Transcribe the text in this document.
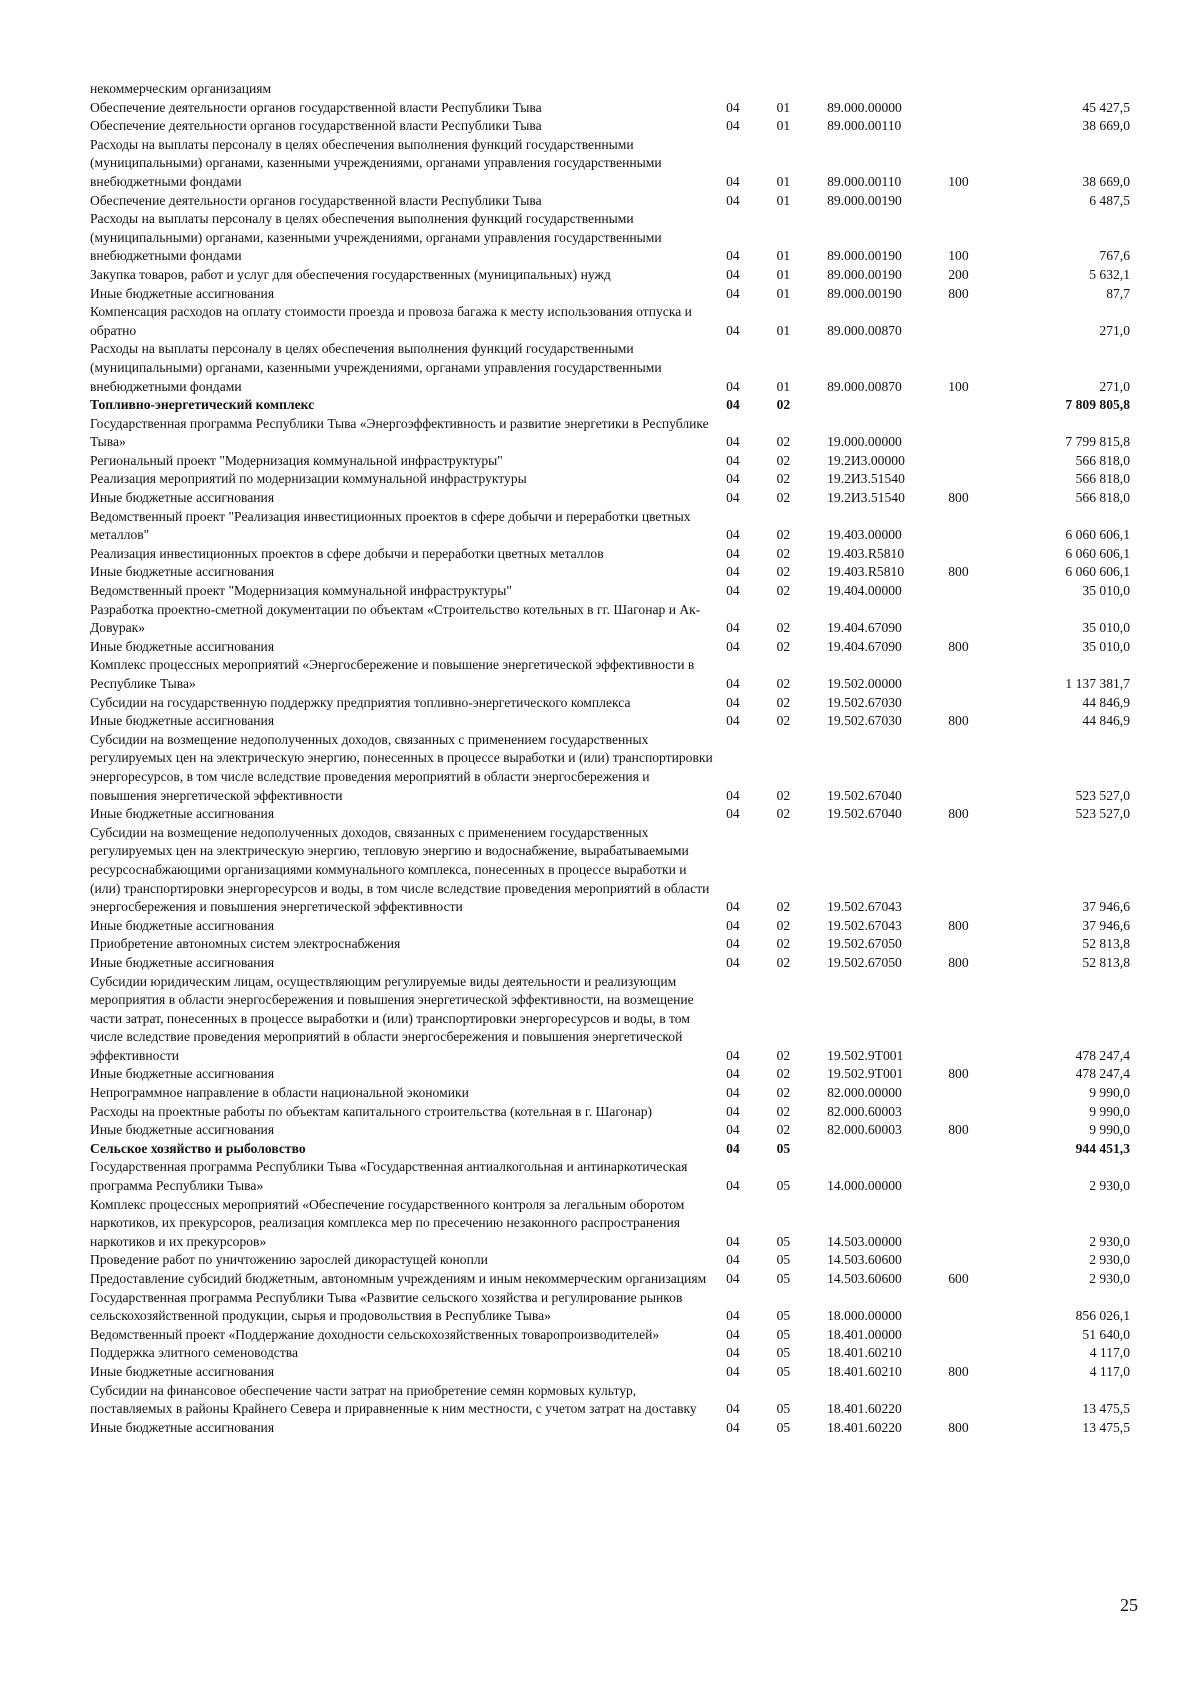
некоммерческим организациям					
Обеспечение деятельности органов государственной власти Республики Тыва	04	01	89.000.00000		45 427,5
Обеспечение деятельности органов государственной власти Республики Тыва	04	01	89.000.00110		38 669,0
Расходы на выплаты персоналу в целях обеспечения выполнения функций государственными (муниципальными) органами, казенными учреждениями, органами управления государственными внебюджетными фондами	04	01	89.000.00110	100	38 669,0
Обеспечение деятельности органов государственной власти Республики Тыва	04	01	89.000.00190		6 487,5
Расходы на выплаты персоналу в целях обеспечения выполнения функций государственными (муниципальными) органами, казенными учреждениями, органами управления государственными внебюджетными фондами	04	01	89.000.00190	100	767,6
Закупка товаров, работ и услуг для обеспечения государственных (муниципальных) нужд	04	01	89.000.00190	200	5 632,1
Иные бюджетные ассигнования	04	01	89.000.00190	800	87,7
Компенсация расходов на оплату стоимости проезда и провоза багажа к месту использования отпуска и обратно	04	01	89.000.00870		271,0
Расходы на выплаты персоналу в целях обеспечения выполнения функций государственными (муниципальными) органами, казенными учреждениями, органами управления государственными внебюджетными фондами	04	01	89.000.00870	100	271,0
Топливно-энергетический комплекс	04	02			7 809 805,8
Государственная программа Республики Тыва «Энергоэффективность и развитие энергетики в Республике Тыва»	04	02	19.000.00000		7 799 815,8
Региональный проект "Модернизация коммунальной инфраструктуры"	04	02	19.2И3.00000		566 818,0
Реализация мероприятий по модернизации коммунальной инфраструктуры	04	02	19.2И3.51540		566 818,0
Иные бюджетные ассигнования	04	02	19.2И3.51540	800	566 818,0
Ведомственный проект "Реализация инвестиционных проектов в сфере добычи и переработки цветных металлов"	04	02	19.403.00000		6 060 606,1
Реализация инвестиционных проектов в сфере добычи и переработки цветных металлов	04	02	19.403.R5810		6 060 606,1
Иные бюджетные ассигнования	04	02	19.403.R5810	800	6 060 606,1
Ведомственный проект "Модернизация коммунальной инфраструктуры"	04	02	19.404.00000		35 010,0
Разработка проектно-сметной документации по объектам «Строительство котельных в гг. Шагонар и Ак-Довурак»	04	02	19.404.67090		35 010,0
Иные бюджетные ассигнования	04	02	19.404.67090	800	35 010,0
Комплекс процессных мероприятий «Энергосбережение и повышение энергетической эффективности в Республике Тыва»	04	02	19.502.00000		1 137 381,7
Субсидии на государственную поддержку предприятия топливно-энергетического комплекса	04	02	19.502.67030		44 846,9
Иные бюджетные ассигнования	04	02	19.502.67030	800	44 846,9
Субсидии на возмещение недополученных доходов, связанных с применением государственных регулируемых цен на электрическую энергию, понесенных в процессе выработки и (или) транспортировки энергоресурсов, в том числе вследствие проведения мероприятий в области энергосбережения и повышения энергетической эффективности	04	02	19.502.67040		523 527,0
Иные бюджетные ассигнования	04	02	19.502.67040	800	523 527,0
Субсидии на возмещение недополученных доходов, связанных с применением государственных регулируемых цен на электрическую энергию, тепловую энергию и водоснабжение, вырабатываемыми ресурсоснабжающими организациями коммунального комплекса, понесенных в процессе выработки и (или) транспортировки энергоресурсов и воды, в том числе вследствие проведения мероприятий в области энергосбережения и повышения энергетической эффективности	04	02	19.502.67043		37 946,6
Иные бюджетные ассигнования	04	02	19.502.67043	800	37 946,6
Приобретение автономных систем электроснабжения	04	02	19.502.67050		52 813,8
Иные бюджетные ассигнования	04	02	19.502.67050	800	52 813,8
Субсидии юридическим лицам, осуществляющим регулируемые виды деятельности и реализующим мероприятия в области энергосбережения и повышения энергетической эффективности, на возмещение части затрат, понесенных в процессе выработки и (или) транспортировки энергоресурсов и воды, в том числе вследствие проведения мероприятий в области энергосбережения и повышения энергетической эффективности	04	02	19.502.9Т001		478 247,4
Иные бюджетные ассигнования	04	02	19.502.9Т001	800	478 247,4
Непрограммное направление в области национальной экономики	04	02	82.000.00000		9 990,0
Расходы на проектные работы по объектам капитального строительства (котельная в г. Шагонар)	04	02	82.000.60003		9 990,0
Иные бюджетные ассигнования	04	02	82.000.60003	800	9 990,0
Сельское хозяйство и рыболовство	04	05			944 451,3
Государственная программа Республики Тыва «Государственная антиалкогольная и антинаркотическая программа Республики Тыва»	04	05	14.000.00000		2 930,0
Комплекс процессных мероприятий «Обеспечение государственного контроля за легальным оборотом наркотиков, их прекурсоров, реализация комплекса мер по пресечению незаконного распространения наркотиков и их прекурсоров»	04	05	14.503.00000		2 930,0
Проведение работ по уничтожению зарослей дикорастущей конопли	04	05	14.503.60600		2 930,0
Предоставление субсидий бюджетным, автономным учреждениям и иным некоммерческим организациям	04	05	14.503.60600	600	2 930,0
Государственная программа Республики Тыва «Развитие сельского хозяйства и регулирование рынков сельскохозяйственной продукции, сырья и продовольствия в Республике Тыва»	04	05	18.000.00000		856 026,1
Ведомственный проект «Поддержание доходности сельскохозяйственных товаропроизводителей»	04	05	18.401.00000		51 640,0
Поддержка элитного семеноводства	04	05	18.401.60210		4 117,0
Иные бюджетные ассигнования	04	05	18.401.60210	800	4 117,0
Субсидии на финансовое обеспечение части затрат на приобретение семян кормовых культур, поставляемых в районы Крайнего Севера и приравненные к ним местности, с учетом затрат на доставку	04	05	18.401.60220		13 475,5
Иные бюджетные ассигнования	04	05	18.401.60220	800	13 475,5
25
